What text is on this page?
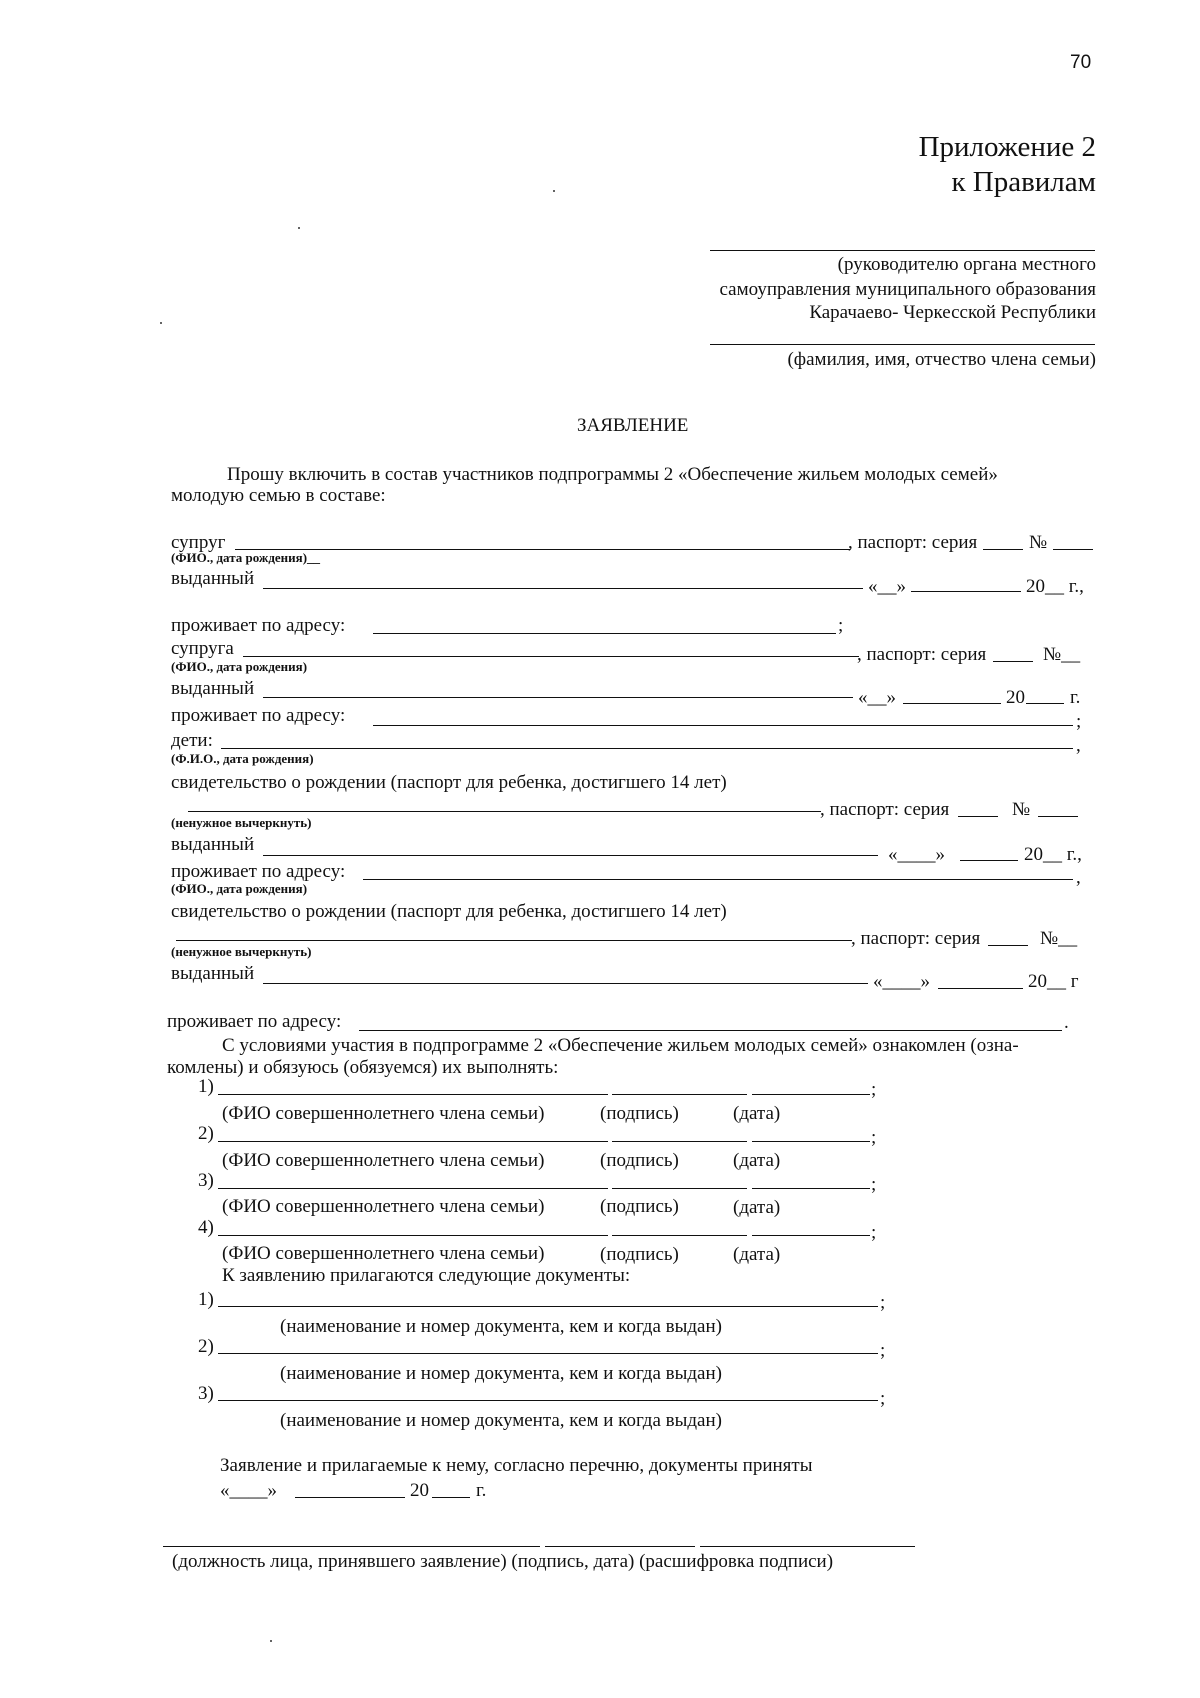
70
Приложение 2
к Правилам
(руководителю органа местного
самоуправления муниципального образования
Карачаево- Черкесской Республики
(фамилия, имя, отчество члена семьи)
ЗАЯВЛЕНИЕ
Прошу включить в состав участников подпрограммы 2 «Обеспечение жильем молодых семей»
молодую семью в составе:
супруг	, паспорт: серия	№
(ФИО., дата рождения)__
выданный	«__»	20__ г.,
проживает по адресу:	;
супруга	, паспорт: серия	№__
(ФИО., дата рождения)
выданный	«__»	20 г.
проживает по адресу:	;
дети:	,
(Ф.И.О., дата рождения)
свидетельство о рождении (паспорт для ребенка, достигшего 14 лет)
, паспорт: серия	№
(ненужное вычеркнуть)
выданный	«____»	20__ г.,
проживает по адресу:	,
(ФИО., дата рождения)
свидетельство о рождении (паспорт для ребенка, достигшего 14 лет)
, паспорт: серия	№__
(ненужное вычеркнуть)
выданный	«____»	20__ г
проживает по адресу:	.
С условиями участия в подпрограмме 2 «Обеспечение жильем молодых семей» ознакомлен (озна-
комлены) и обязуюсь (обязуемся) их выполнять:
1)	;
(ФИО совершеннолетнего члена семьи)	(подпись)	(дата)
2)	;
(ФИО совершеннолетнего члена семьи)	(подпись)	(дата)
3)	;
(ФИО совершеннолетнего члена семьи)	(подпись)	(дата)
4)	;
(ФИО совершеннолетнего члена семьи)	(подпись)	(дата)
К заявлению прилагаются следующие документы:
1)	;
(наименование и номер документа, кем и когда выдан)
2)	;
(наименование и номер документа, кем и когда выдан)
3)	;
(наименование и номер документа, кем и когда выдан)
Заявление и прилагаемые к нему, согласно перечню, документы приняты
«____»	20 г.
(должность лица, принявшего заявление) (подпись, дата) (расшифровка подписи)
